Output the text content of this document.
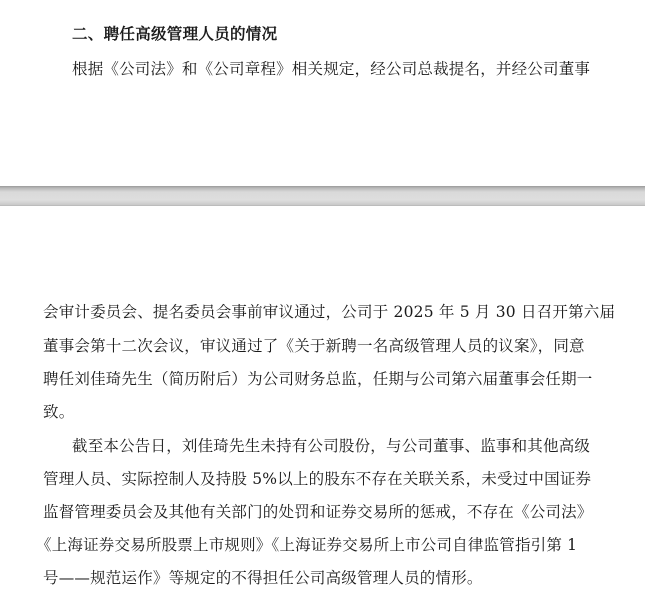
二、聘任高级管理人员的情况
根据《公司法》和《公司章程》相关规定，经公司总裁提名，并经公司董事
会审计委员会、提名委员会事前审议通过，公司于 2025 年 5 月 30 日召开第六届
董事会第十二次会议，审议通过了《关于新聘一名高级管理人员的议案》，同意
聘任刘佳琦先生（简历附后）为公司财务总监，任期与公司第六届董事会任期一
致。
截至本公告日，刘佳琦先生未持有公司股份，与公司董事、监事和其他高级
管理人员、实际控制人及持股 5%以上的股东不存在关联关系，未受过中国证券
监督管理委员会及其他有关部门的处罚和证券交易所的惩戒，不存在《公司法》
《上海证券交易所股票上市规则》《上海证券交易所上市公司自律监管指引第 1
号——规范运作》等规定的不得担任公司高级管理人员的情形。
